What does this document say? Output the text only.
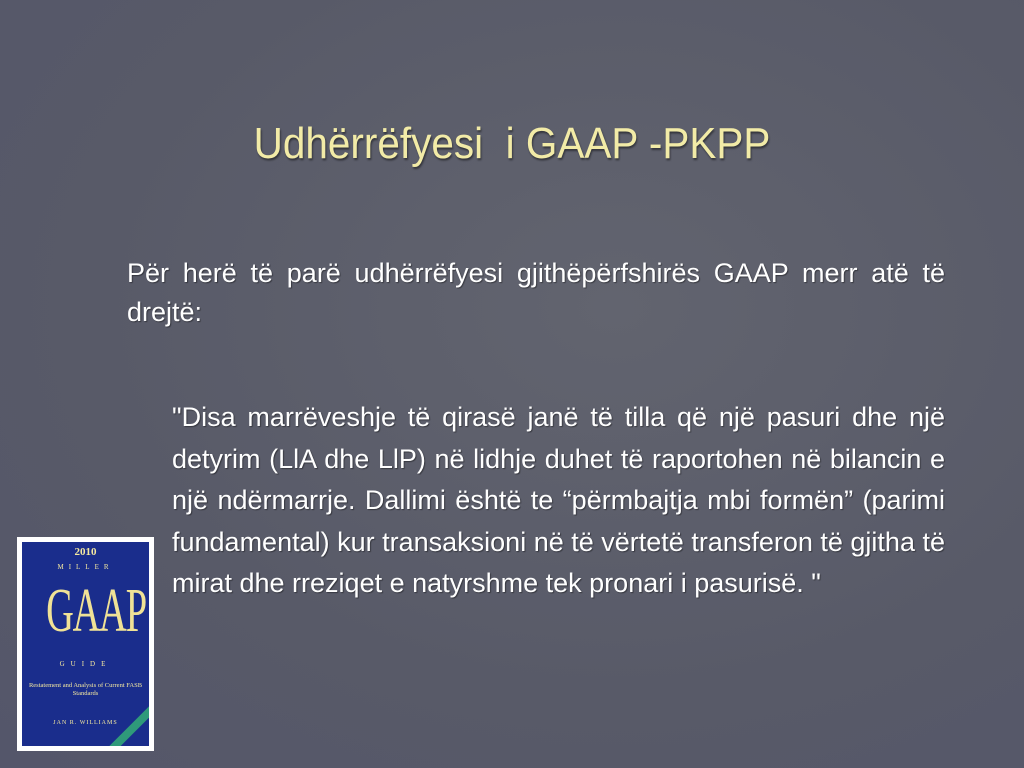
Udhërrëfyesi  i GAAP -PKPP
Për herë të parë udhërrëfyesi gjithëpërfshirës GAAP merr atë të drejtë:
"Disa marrëveshje të qirasë janë të tilla që një pasuri dhe një detyrim (LlA dhe LlP) në lidhje duhet të raportohen në bilancin e një ndërmarrje. Dallimi është te “përmbajtja mbi formën” (parimi fundamental) kur transaksioni në të vërtetë transferon të gjitha të mirat dhe rreziqet e natyrshme tek pronari i pasurisë. "
2010
MILLER
GAAP
GUIDE
Restatement and Analysis of Current FASB Standards
JAN R. WILLIAMS
